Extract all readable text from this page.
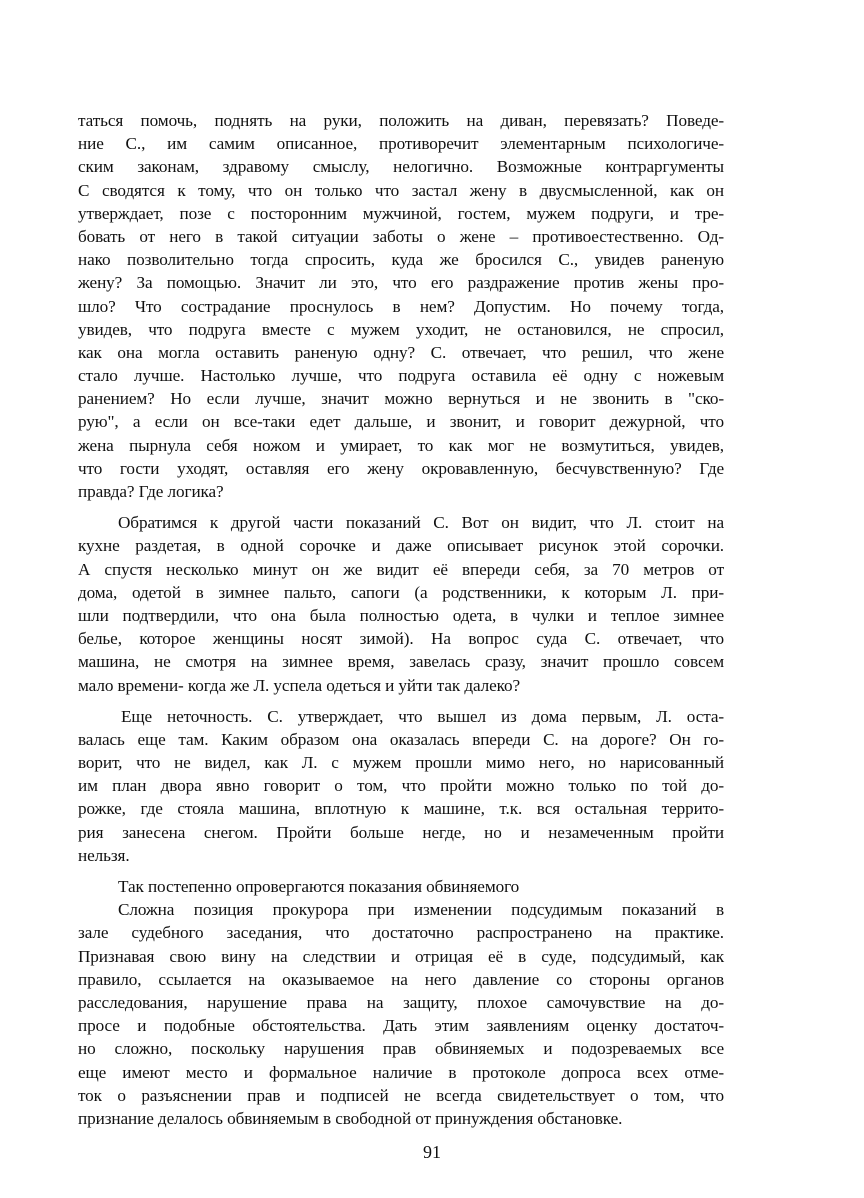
таться помочь, поднять на руки, положить на диван, перевязать? Поведе-
ние С., им самим описанное, противоречит элементарным психологиче-
ским законам, здравому смыслу, нелогично. Возможные контраргументы
С сводятся к тому, что он только что застал жену в двусмысленной, как он
утверждает, позе с посторонним мужчиной, гостем, мужем подруги, и тре-
бовать от него в такой ситуации заботы о жене – противоестественно. Од-
нако позволительно тогда спросить, куда же бросился С., увидев раненую
жену? За помощью. Значит ли это, что его раздражение против жены про-
шло? Что сострадание проснулось в нем? Допустим. Но почему тогда,
увидев, что подруга вместе с мужем уходит, не остановился, не спросил,
как она могла оставить раненую одну? С. отвечает, что решил, что жене
стало лучше. Настолько лучше, что подруга оставила её одну с ножевым
ранением? Но если лучше, значит можно вернуться и не звонить в "ско-
рую", а если он все-таки едет дальше, и звонит, и говорит дежурной, что
жена пырнула себя ножом и умирает, то как мог не возмутиться, увидев,
что гости уходят, оставляя его жену окровавленную, бесчувственную? Где
правда? Где логика?
Обратимся к другой части показаний С. Вот он видит, что Л. стоит на
кухне раздетая, в одной сорочке и даже описывает рисунок этой сорочки.
А спустя несколько минут он же видит её впереди себя, за 70 метров от
дома, одетой в зимнее пальто, сапоги (а родственники, к которым Л. при-
шли подтвердили, что она была полностью одета, в чулки и теплое зимнее
белье, которое женщины носят зимой). На вопрос суда С. отвечает, что
машина, не смотря на зимнее время, завелась сразу, значит прошло совсем
мало времени- когда же Л. успела одеться и уйти так далеко?
Еще неточность. С. утверждает, что вышел из дома первым, Л. оста-
валась еще там. Каким образом она оказалась впереди С. на дороге? Он го-
ворит, что не видел, как Л. с мужем прошли мимо него, но нарисованный
им план двора явно говорит о том, что пройти можно только по той до-
рожке, где стояла машина, вплотную к машине, т.к. вся остальная террито-
рия занесена снегом. Пройти больше негде, но и незамеченным пройти
нельзя.
Так постепенно опровергаются показания обвиняемого
Сложна позиция прокурора при изменении подсудимым показаний в
зале судебного заседания, что достаточно распространено на практике.
Признавая свою вину на следствии и отрицая её в суде, подсудимый, как
правило, ссылается на оказываемое на него давление со стороны органов
расследования, нарушение права на защиту, плохое самочувствие на до-
просе и подобные обстоятельства. Дать этим заявлениям оценку достаточ-
но сложно, поскольку нарушения прав обвиняемых и подозреваемых все
еще имеют место и формальное наличие в протоколе допроса всех отме-
ток о разъяснении прав и подписей не всегда свидетельствует о том, что
признание делалось обвиняемым в свободной от принуждения обстановке.
91
